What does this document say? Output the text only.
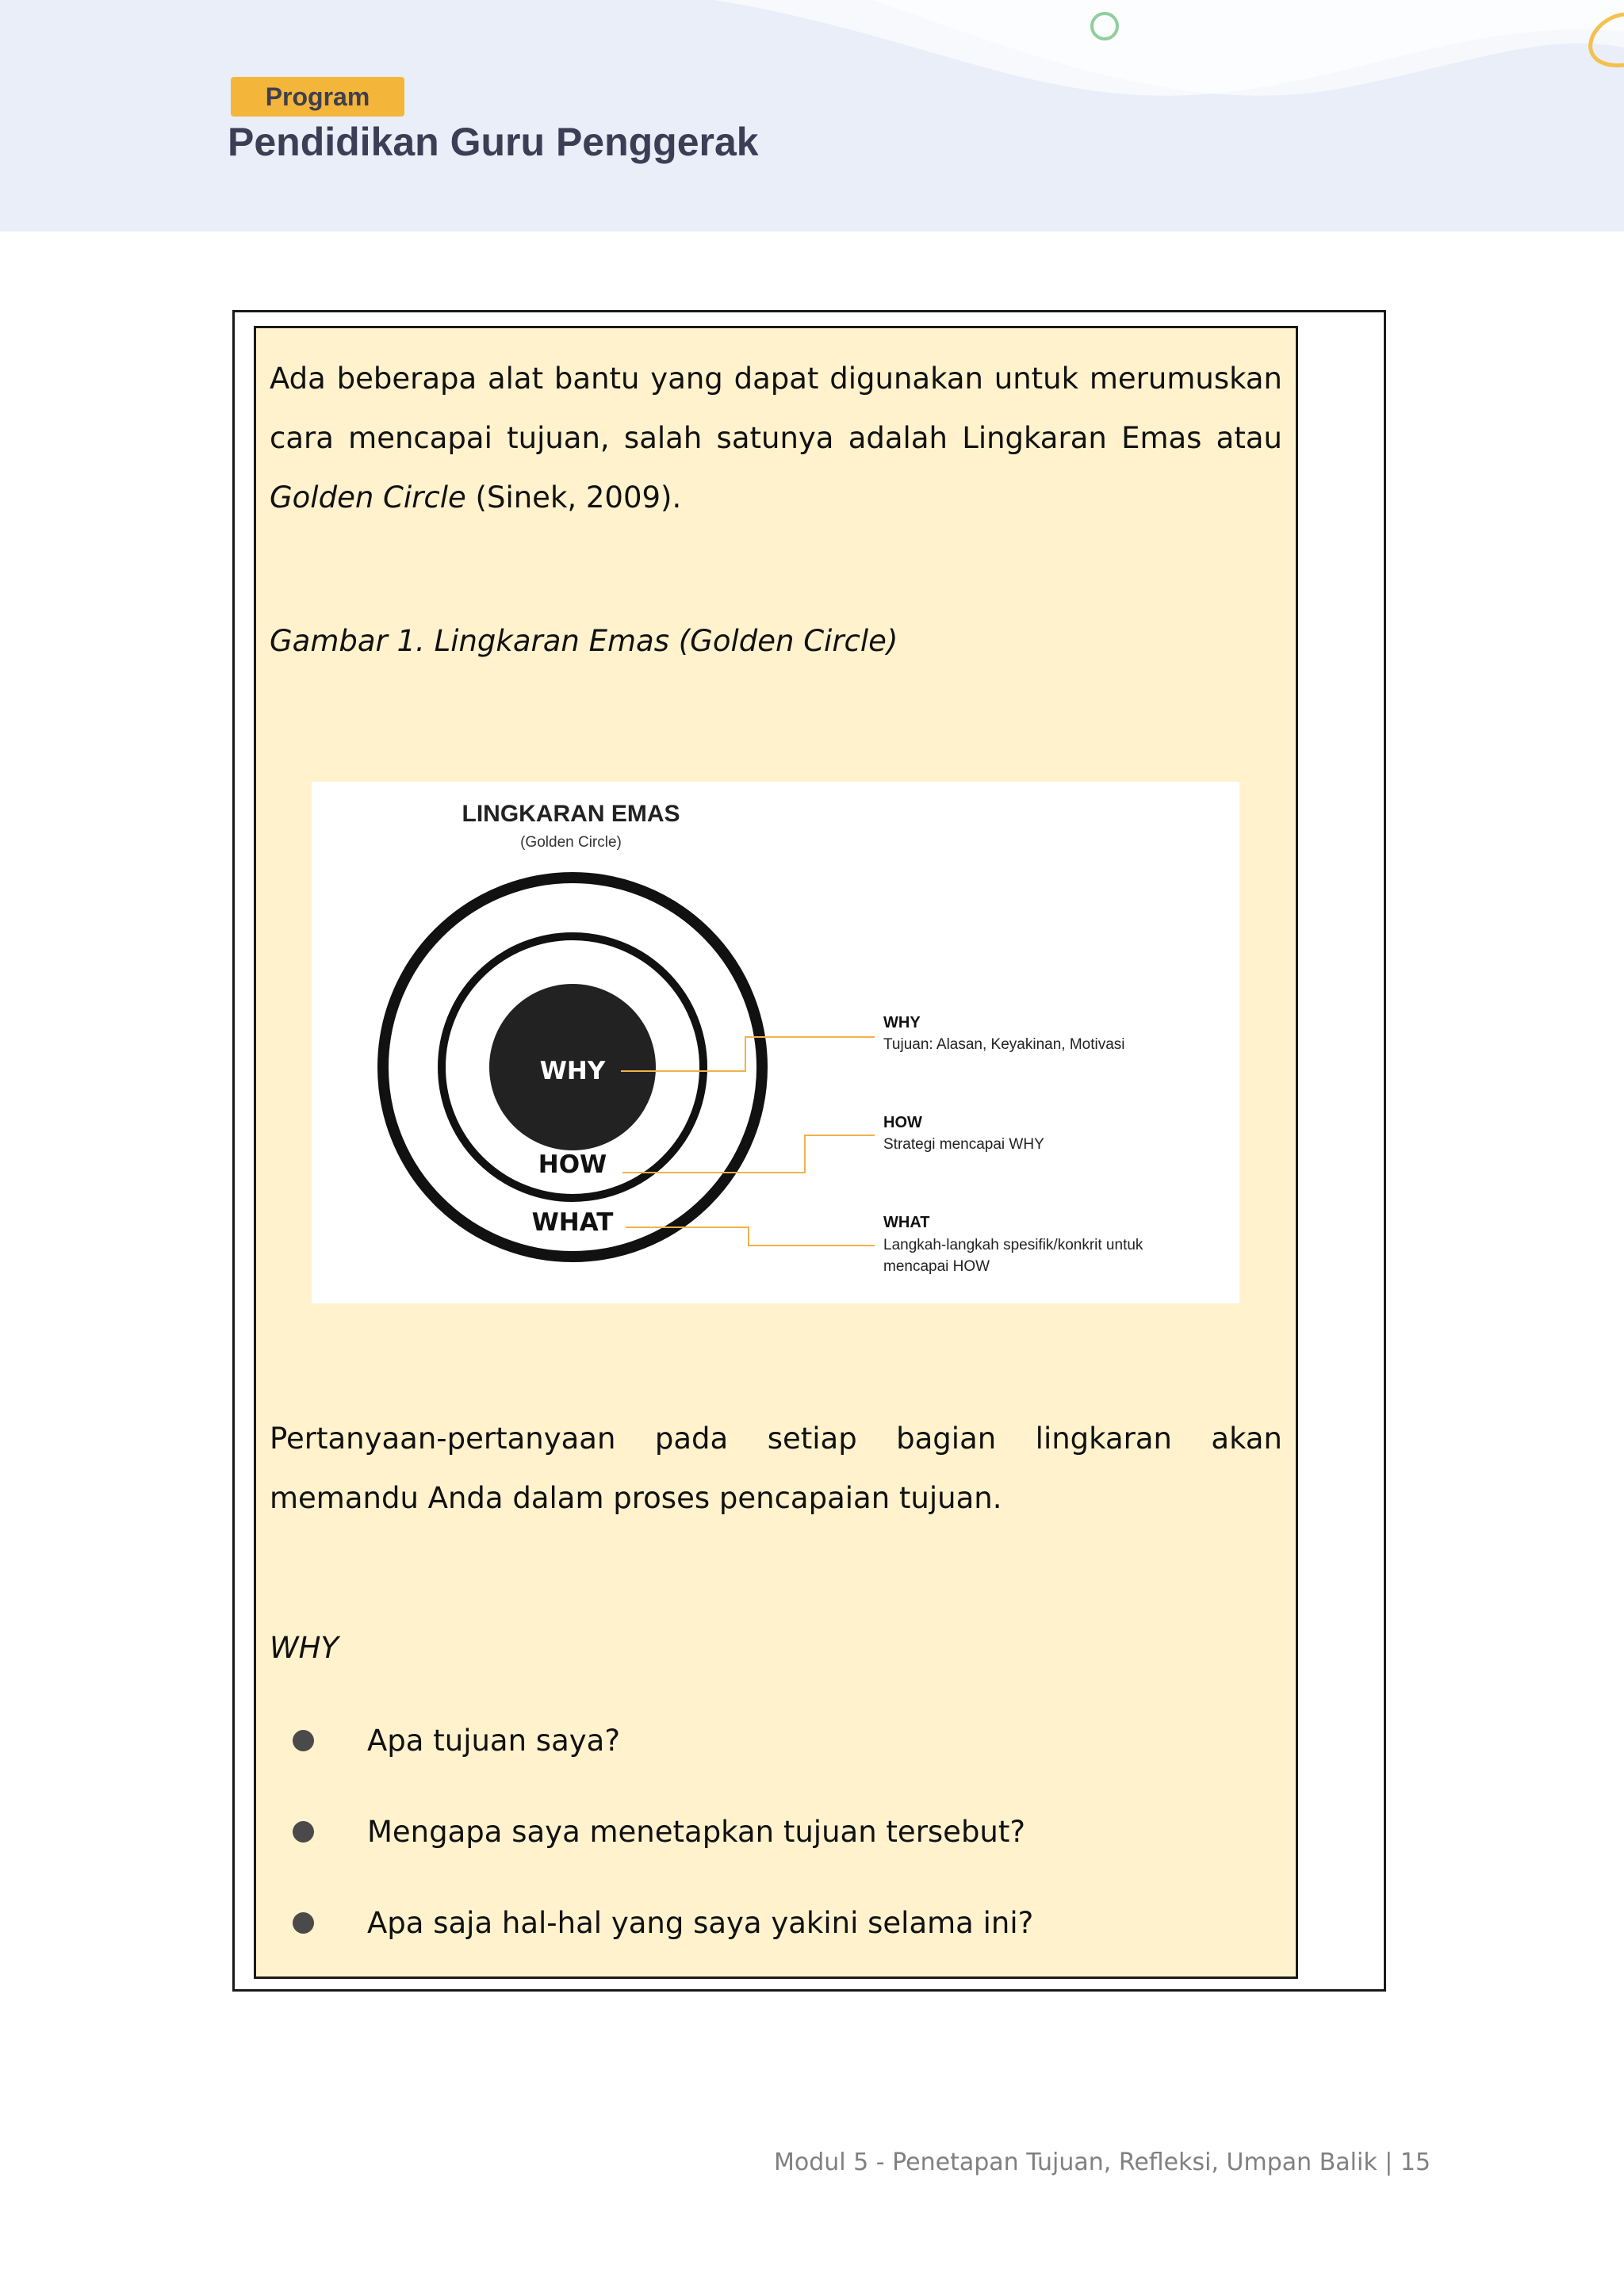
Program
Pendidikan Guru Penggerak

Ada beberapa alat bantu yang dapat digunakan untuk merumuskan cara mencapai tujuan, salah satunya adalah Lingkaran Emas atau Golden Circle (Sinek, 2009).

Gambar 1. Lingkaran Emas (Golden Circle)
LINGKARAN EMAS
(Golden Circle)
WHY
HOW
WHAT
WHY
Tujuan: Alasan, Keyakinan, Motivasi
HOW
Strategi mencapai WHY
WHAT
Langkah-langkah spesifik/konkrit untuk
mencapai HOW

Pertanyaan-pertanyaan pada setiap bagian lingkaran akan memandu Anda dalam proses pencapaian tujuan.

WHY
Apa tujuan saya?
Mengapa saya menetapkan tujuan tersebut?
Apa saja hal-hal yang saya yakini selama ini?
Modul 5 - Penetapan Tujuan, Refleksi, Umpan Balik | 15
